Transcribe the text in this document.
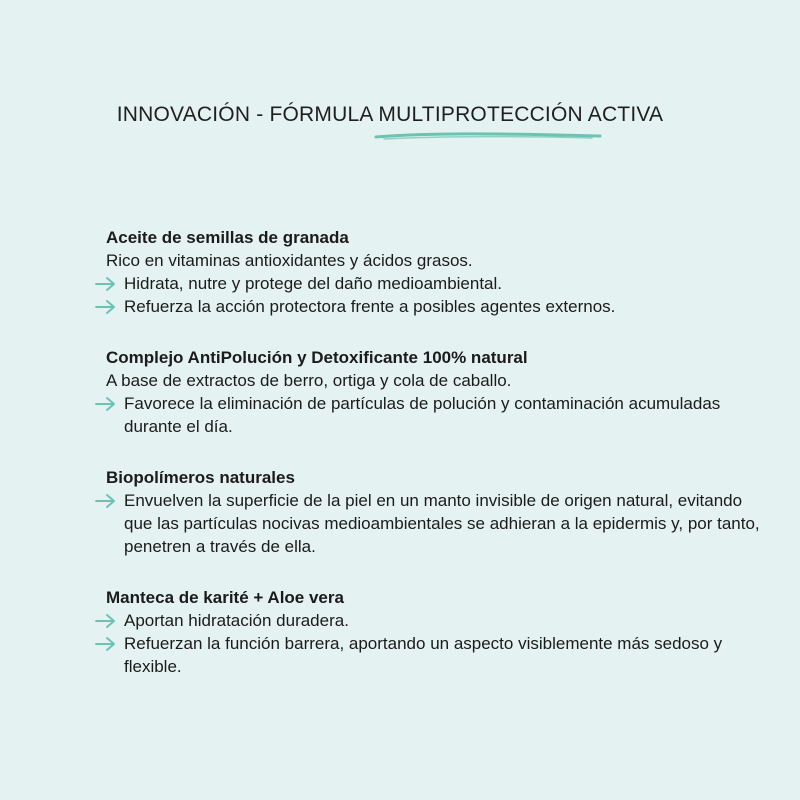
INNOVACIÓN - FÓRMULA MULTIPROTECCIÓN ACTIVA
Aceite de semillas de granada
Rico en vitaminas antioxidantes y ácidos grasos.
Hidrata, nutre y protege del daño medioambiental.
Refuerza la acción protectora frente a posibles agentes externos.
Complejo AntiPolución y Detoxificante 100% natural
A base de extractos de berro, ortiga y cola de caballo.
Favorece la eliminación de partículas de polución y contaminación acumuladas durante el día.
Biopolímeros naturales
Envuelven la superficie de la piel en un manto invisible de origen natural, evitando que las partículas nocivas medioambientales se adhieran a la epidermis y, por tanto, penetren a través de ella.
Manteca de karité + Aloe vera
Aportan hidratación duradera.
Refuerzan la función barrera, aportando un aspecto visiblemente más sedoso y flexible.
